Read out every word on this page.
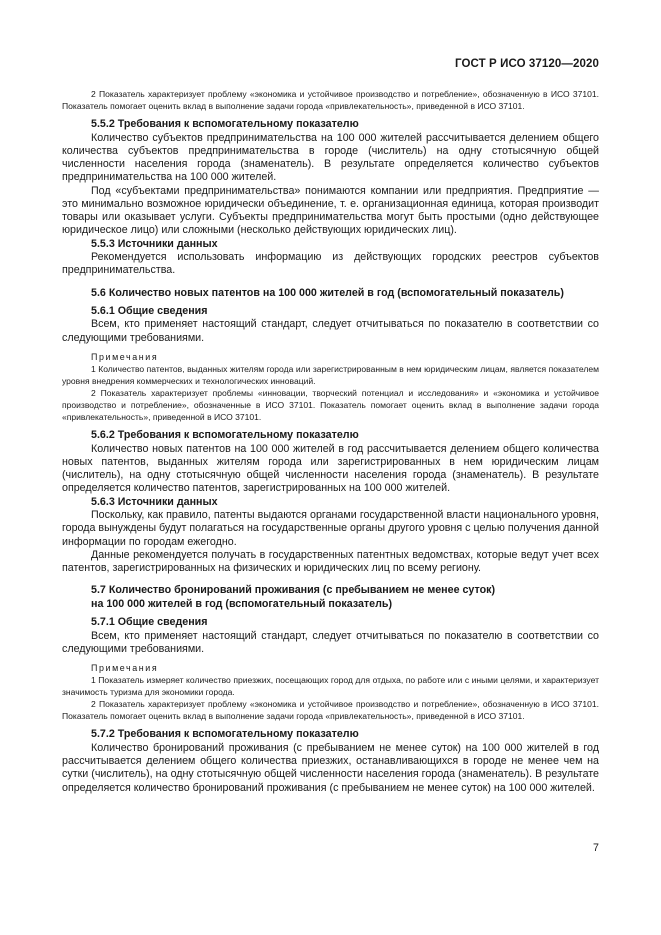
ГОСТ Р ИСО 37120—2020

2 Показатель характеризует проблему «экономика и устойчивое производство и потребление», обозначенную в ИСО 37101. Показатель помогает оценить вклад в выполнение задачи города «привлекательность», приведенной в ИСО 37101.

5.5.2 Требования к вспомогательному показателю

Количество субъектов предпринимательства на 100 000 жителей рассчитывается делением общего количества субъектов предпринимательства в городе (числитель) на одну стотысячную общей численности населения города (знаменатель). В результате определяется количество субъектов предпринимательства на 100 000 жителей.

Под «субъектами предпринимательства» понимаются компании или предприятия. Предприятие — это минимально возможное юридически объединение, т. е. организационная единица, которая производит товары или оказывает услуги. Субъекты предпринимательства могут быть простыми (одно действующее юридическое лицо) или сложными (несколько действующих юридических лиц).

5.5.3 Источники данных

Рекомендуется использовать информацию из действующих городских реестров субъектов предпринимательства.

5.6 Количество новых патентов на 100 000 жителей в год (вспомогательный показатель)

5.6.1 Общие сведения

Всем, кто применяет настоящий стандарт, следует отчитываться по показателю в соответствии со следующими требованиями.

Примечания

1 Количество патентов, выданных жителям города или зарегистрированным в нем юридическим лицам, является показателем уровня внедрения коммерческих и технологических инноваций.

2 Показатель характеризует проблемы «инновации, творческий потенциал и исследования» и «экономика и устойчивое производство и потребление», обозначенные в ИСО 37101. Показатель помогает оценить вклад в выполнение задачи города «привлекательность», приведенной в ИСО 37101.

5.6.2 Требования к вспомогательному показателю

Количество новых патентов на 100 000 жителей в год рассчитывается делением общего количества новых патентов, выданных жителям города или зарегистрированных в нем юридическим лицам (числитель), на одну стотысячную общей численности населения города (знаменатель). В результате определяется количество патентов, зарегистрированных на 100 000 жителей.

5.6.3 Источники данных

Поскольку, как правило, патенты выдаются органами государственной власти национального уровня, города вынуждены будут полагаться на государственные органы другого уровня с целью получения данной информации по городам ежегодно.

Данные рекомендуется получать в государственных патентных ведомствах, которые ведут учет всех патентов, зарегистрированных на физических и юридических лиц по всему региону.

5.7 Количество бронирований проживания (с пребыванием не менее суток)

на 100 000 жителей в год (вспомогательный показатель)

5.7.1 Общие сведения

Всем, кто применяет настоящий стандарт, следует отчитываться по показателю в соответствии со следующими требованиями.

Примечания

1 Показатель измеряет количество приезжих, посещающих город для отдыха, по работе или с иными целями, и характеризует значимость туризма для экономики города.

2 Показатель характеризует проблему «экономика и устойчивое производство и потребление», обозначенную в ИСО 37101. Показатель помогает оценить вклад в выполнение задачи города «привлекательность», приведенной в ИСО 37101.

5.7.2 Требования к вспомогательному показателю

Количество бронирований проживания (с пребыванием не менее суток) на 100 000 жителей в год рассчитывается делением общего количества приезжих, останавливающихся в городе не менее чем на сутки (числитель), на одну стотысячную общей численности населения города (знаменатель). В результате определяется количество бронирований проживания (с пребыванием не менее суток) на 100 000 жителей.

7
